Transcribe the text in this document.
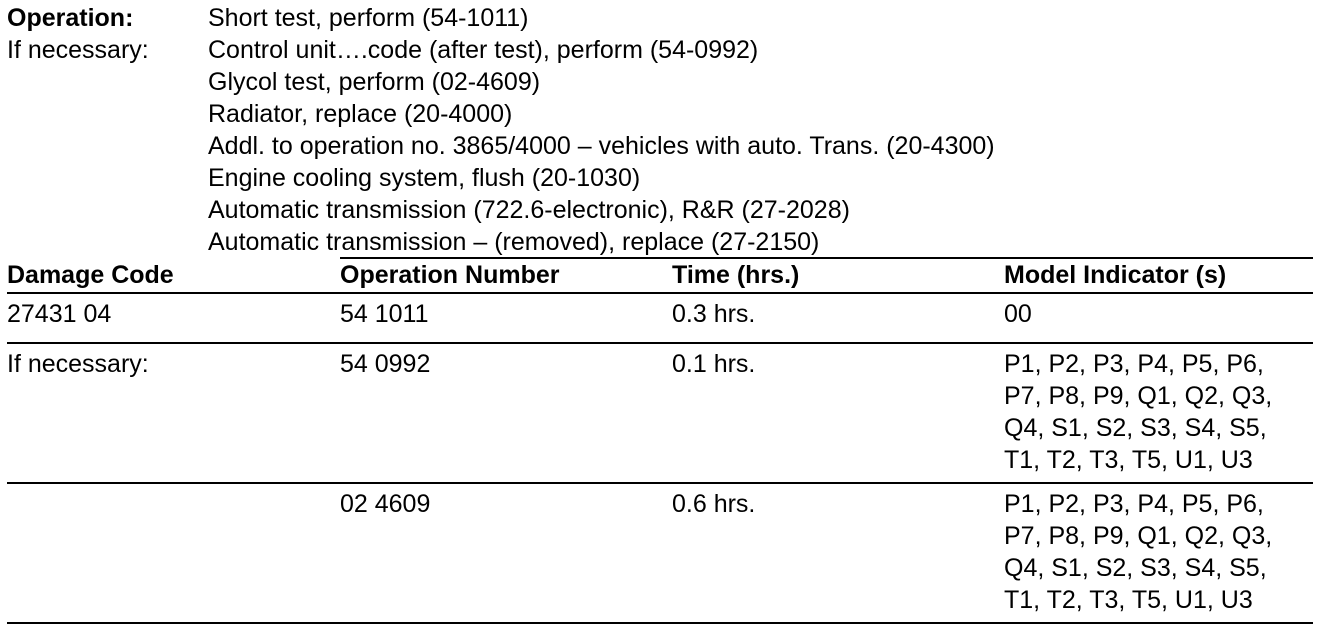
Operation:	Short test, perform (54-1011)
If necessary:	Control unit….code (after test), perform (54-0992)
Glycol test, perform (02-4609)
Radiator, replace (20-4000)
Addl. to operation no. 3865/4000 – vehicles with auto. Trans. (20-4300)
Engine cooling system, flush (20-1030)
Automatic transmission (722.6-electronic), R&R (27-2028)
Automatic transmission – (removed), replace (27-2150)
Damage Code	Operation Number	Time (hrs.)	Model Indicator (s)
27431 04	54 1011	0.3 hrs.	00

If necessary:	54 0992	0.1 hrs.	P1, P2, P3, P4, P5, P6,
P7, P8, P9, Q1, Q2, Q3,
Q4, S1, S2, S3, S4, S5,
T1, T2, T3, T5, U1, U3

	02 4609	0.6 hrs.	P1, P2, P3, P4, P5, P6,
P7, P8, P9, Q1, Q2, Q3,
Q4, S1, S2, S3, S4, S5,
T1, T2, T3, T5, U1, U3
